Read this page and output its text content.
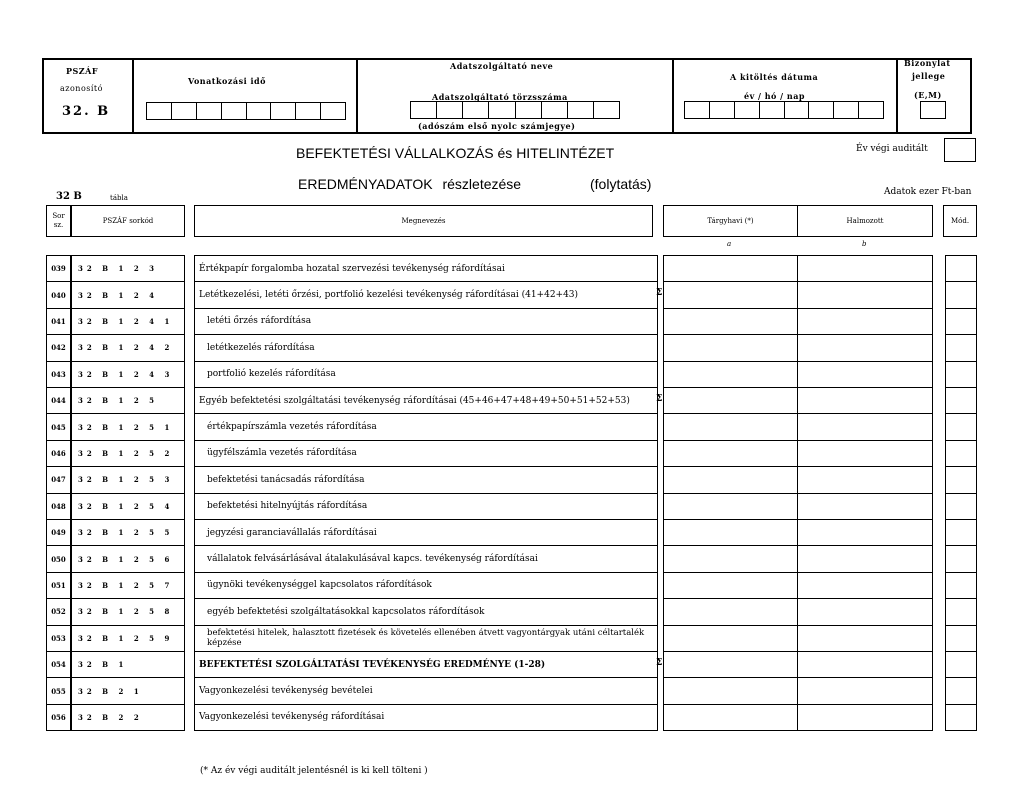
PSZÁF
azonosító
32. B
Vonatkozási idő
Adatszolgáltató neve
Adatszolgáltató törzsszáma
(adószám első nyolc számjegye)
A kitöltés dátuma
év / hó / nap
Bizonylat
jellege
(E,M)
Év végi auditált
BEFEKTETÉSI VÁLLALKOZÁS és HITELINTÉZET
EREDMÉNYADATOK részletezése	(folytatás)
32 B	tábla
Adatok ezer Ft-ban
Sor sz.	PSZÁF sorkód	Megnevezés	Tárgyhavi (*)	Halmozott	Mód.
a	b
039	32 B 1 2 3	Értékpapír forgalomba hozatal szervezési tevékenység ráfordításai
040	32 B 1 2 4	Letétkezelési, letéti őrzési, portfolió kezelési tevékenység ráfordításai (41+42+43)	Σ
041	32 B 1 2 4 1	letéti őrzés ráfordítása
042	32 B 1 2 4 2	letétkezelés ráfordítása
043	32 B 1 2 4 3	portfolió kezelés ráfordítása
044	32 B 1 2 5	Egyéb befektetési szolgáltatási tevékenység ráfordításai (45+46+47+48+49+50+51+52+53)	Σ
045	32 B 1 2 5 1	értékpapírszámla vezetés ráfordítása
046	32 B 1 2 5 2	ügyfélszámla vezetés ráfordítása
047	32 B 1 2 5 3	befektetési tanácsadás ráfordítása
048	32 B 1 2 5 4	befektetési hitelnyújtás ráfordítása
049	32 B 1 2 5 5	jegyzési garanciavállalás ráfordításai
050	32 B 1 2 5 6	vállalatok felvásárlásával átalakulásával kapcs. tevékenység ráfordításai
051	32 B 1 2 5 7	ügynöki tevékenységgel kapcsolatos ráfordítások
052	32 B 1 2 5 8	egyéb befektetési szolgáltatásokkal kapcsolatos ráfordítások
053	32 B 1 2 5 9	befektetési hitelek, halasztott fizetések és követelés ellenében átvett vagyontárgyak utáni céltartalék képzése
054	32 B 1	BEFEKTETÉSI SZOLGÁLTATÁSI TEVÉKENYSÉG EREDMÉNYE (1-28)	Σ
055	32 B 2 1	Vagyonkezelési tevékenység bevételei
056	32 B 2 2	Vagyonkezelési tevékenység ráfordításai
(* Az év végi auditált jelentésnél is ki kell tölteni )
